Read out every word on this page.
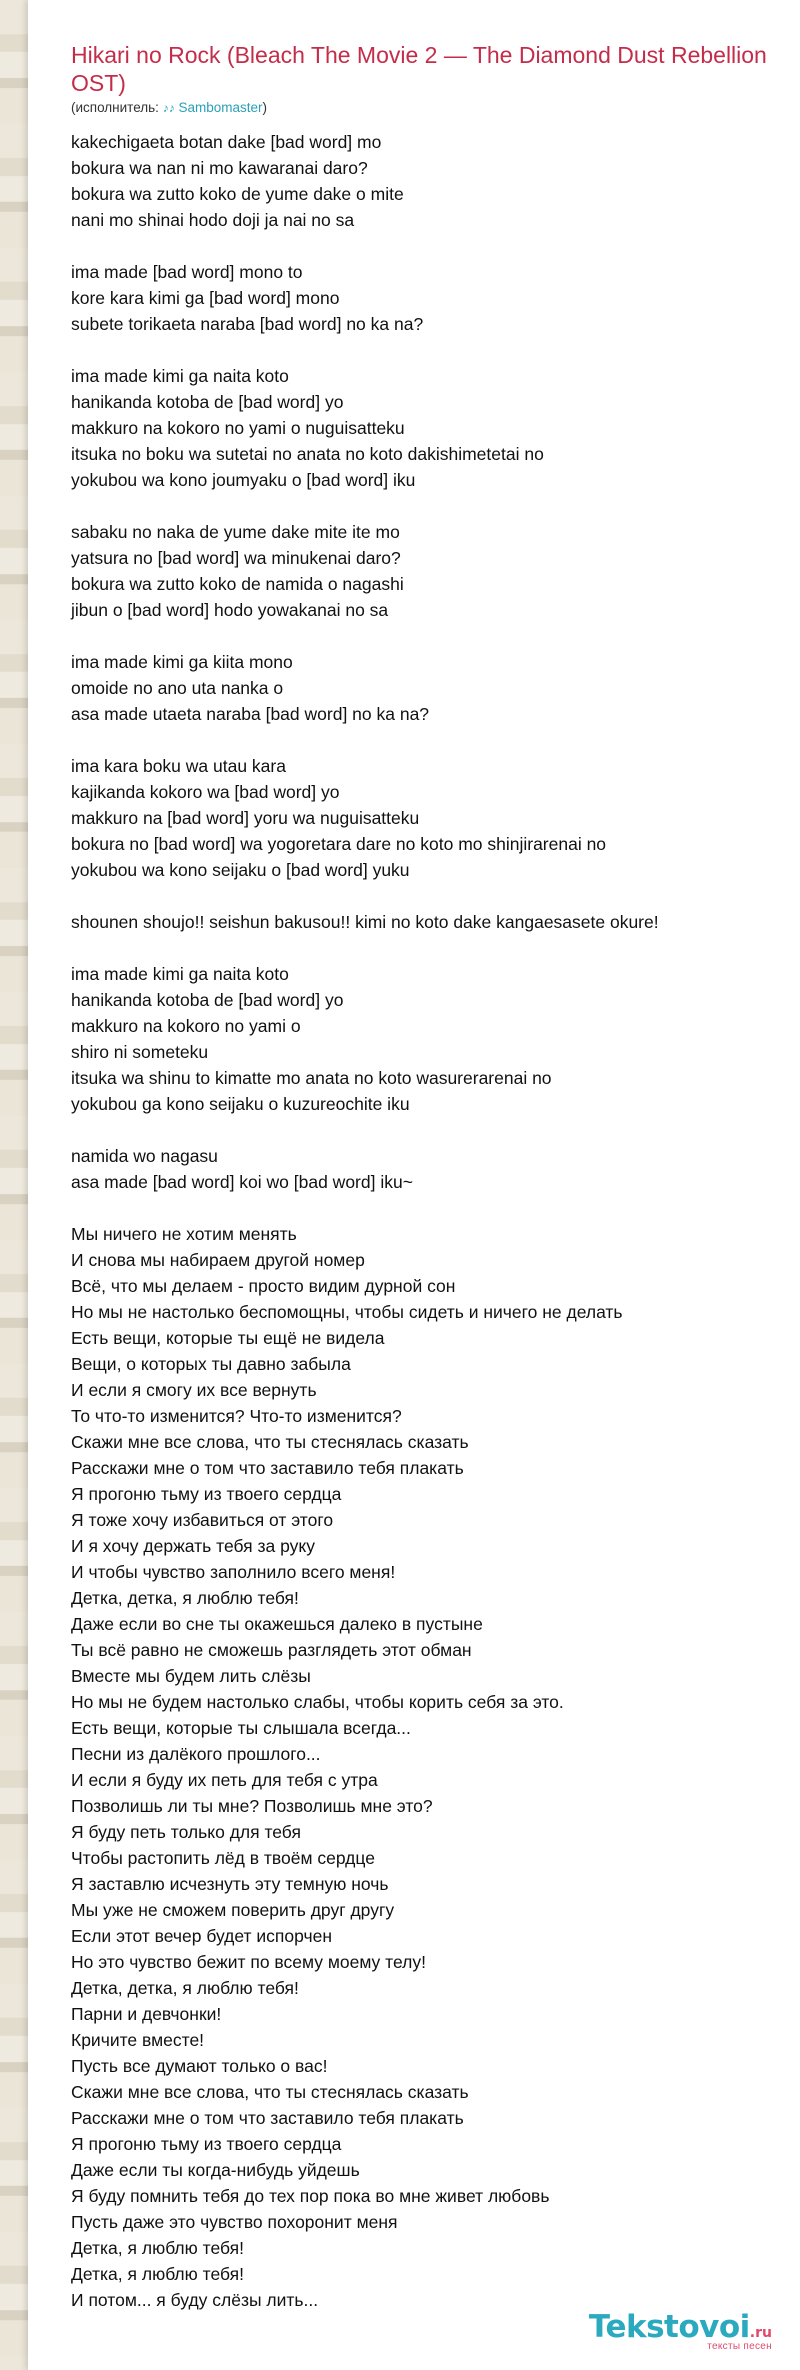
Hikari no Rock (Bleach The Movie 2 — The Diamond Dust Rebellion OST)
(исполнитель: ♪♪ Sambomaster)
kakechigaeta botan dake [bad word] mo
bokura wa nan ni mo kawaranai daro?
bokura wa zutto koko de yume dake o mite
nani mo shinai hodo doji ja nai no sa
ima made [bad word] mono to
kore kara kimi ga [bad word] mono
subete torikaeta naraba [bad word] no ka na?
ima made kimi ga naita koto
hanikanda kotoba de [bad word] yo
makkuro na kokoro no yami o nuguisatteku
itsuka no boku wa sutetai no anata no koto dakishimetetai no
yokubou wa kono joumyaku o [bad word] iku
sabaku no naka de yume dake mite ite mo
yatsura no [bad word] wa minukenai daro?
bokura wa zutto koko de namida o nagashi
jibun o [bad word] hodo yowakanai no sa
ima made kimi ga kiita mono
omoide no ano uta nanka o
asa made utaeta naraba [bad word] no ka na?
ima kara boku wa utau kara
kajikanda kokoro wa [bad word] yo
makkuro na [bad word] yoru wa nuguisatteku
bokura no [bad word] wa yogoretara dare no koto mo shinjirarenai no
yokubou wa kono seijaku o [bad word] yuku
shounen shoujo!! seishun bakusou!! kimi no koto dake kangaesasete okure!
ima made kimi ga naita koto
hanikanda kotoba de [bad word] yo
makkuro na kokoro no yami o
shiro ni someteku
itsuka wa shinu to kimatte mo anata no koto wasurerarenai no
yokubou ga kono seijaku o kuzureochite iku
namida wo nagasu
asa made [bad word] koi wo [bad word] iku~
Мы ничего не хотим менять
И снова мы набираем другой номер
Всё, что мы делаем - просто видим дурной сон
Но мы не настолько беспомощны, чтобы сидеть и ничего не делать
Есть вещи, которые ты ещё не видела
Вещи, о которых ты давно забыла
И если я смогу их все вернуть
То что-то изменится? Что-то изменится?
Скажи мне все слова, что ты стеснялась сказать
Расскажи мне о том что заставило тебя плакать
Я прогоню тьму из твоего сердца
Я тоже хочу избавиться от этого
И я хочу держать тебя за руку
И чтобы чувство заполнило всего меня!
Детка, детка, я люблю тебя!
Даже если во сне ты окажешься далеко в пустыне
Ты всё равно не сможешь разглядеть этот обман
Вместе мы будем лить слёзы
Но мы не будем настолько слабы, чтобы корить себя за это.
Есть вещи, которые ты слышала всегда...
Песни из далёкого прошлого...
И если я буду их петь для тебя с утра
Позволишь ли ты мне? Позволишь мне это?
Я буду петь только для тебя
Чтобы растопить лёд в твоём сердце
Я заставлю исчезнуть эту темную ночь
Мы уже не сможем поверить друг другу
Если этот вечер будет испорчен
Но это чувство бежит по всему моему телу!
Детка, детка, я люблю тебя!
Парни и девчонки!
Кричите вместе!
Пусть все думают только о вас!
Скажи мне все слова, что ты стеснялась сказать
Расскажи мне о том что заставило тебя плакать
Я прогоню тьму из твоего сердца
Даже если ты когда-нибудь уйдешь
Я буду помнить тебя до тех пор пока во мне живет любовь
Пусть даже это чувство похоронит меня
Детка, я люблю тебя!
Детка, я люблю тебя!
И потом... я буду слёзы лить...
Tekstovoi.ru
тексты песен
